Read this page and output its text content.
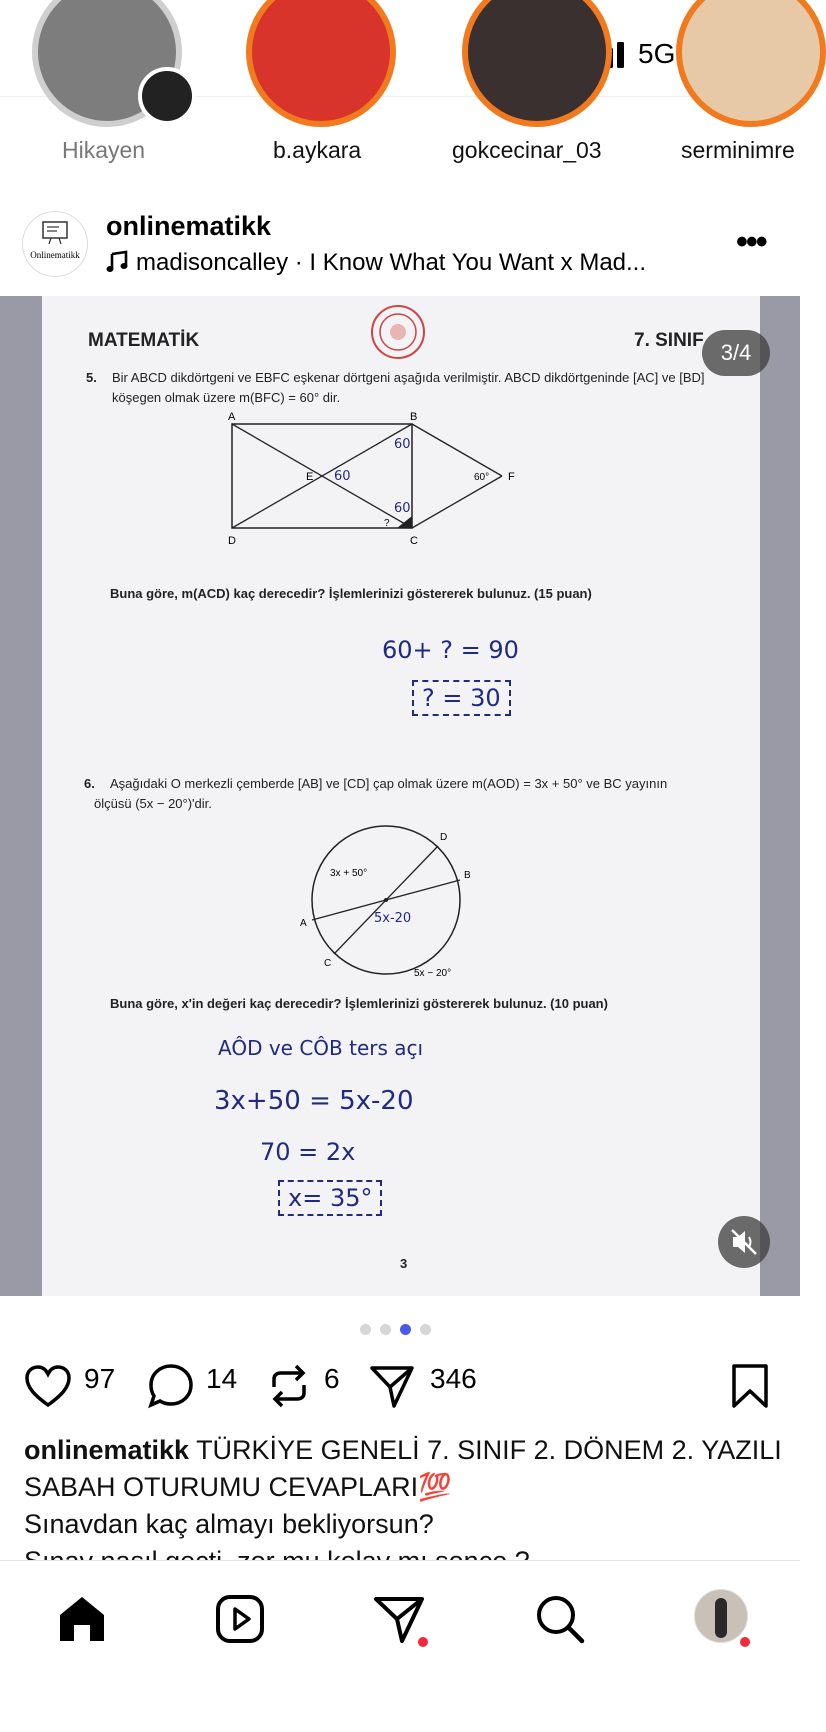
5G
Hikayen	b.aykara	gokcecinar_03	serminimre
Onlinematikk
onlinematikk
madisoncalley · I Know What You Want x Mad...
•••
MATEMATİK	7. SINIF
5. Bir ABCD dikdörtgeni ve EBFC eşkenar dörtgeni aşağıda verilmiştir. ABCD dikdörtgeninde [AC] ve [BD]
köşegen olmak üzere m(BFC) = 60° dir.
A	B
C
D
E	F
60°
60
60
60
?
Buna göre, m(ACD) kaç derecedir? İşlemlerinizi göstererek bulunuz. (15 puan)
60+ ? = 90
? = 30
6. Aşağıdaki O merkezli çemberde [AB] ve [CD] çap olmak üzere m(AOD) = 3x + 50° ve BC yayının
ölçüsü (5x − 20°)'dir.
D
B
A
C
3x + 50°
5x − 20°
5x-20
Buna göre, x'in değeri kaç derecedir? İşlemlerinizi göstererek bulunuz. (10 puan)
AÔD ve CÔB ters açı
3x+50 = 5x-20
70 = 2x
x= 35°
3
3/4
97	14	6	346
onlinematikk TÜRKİYE GENELİ 7. SINIF 2. DÖNEM 2. YAZILI SABAH OTURUMU CEVAPLARI💯
Sınavdan kaç almayı bekliyorsun?
